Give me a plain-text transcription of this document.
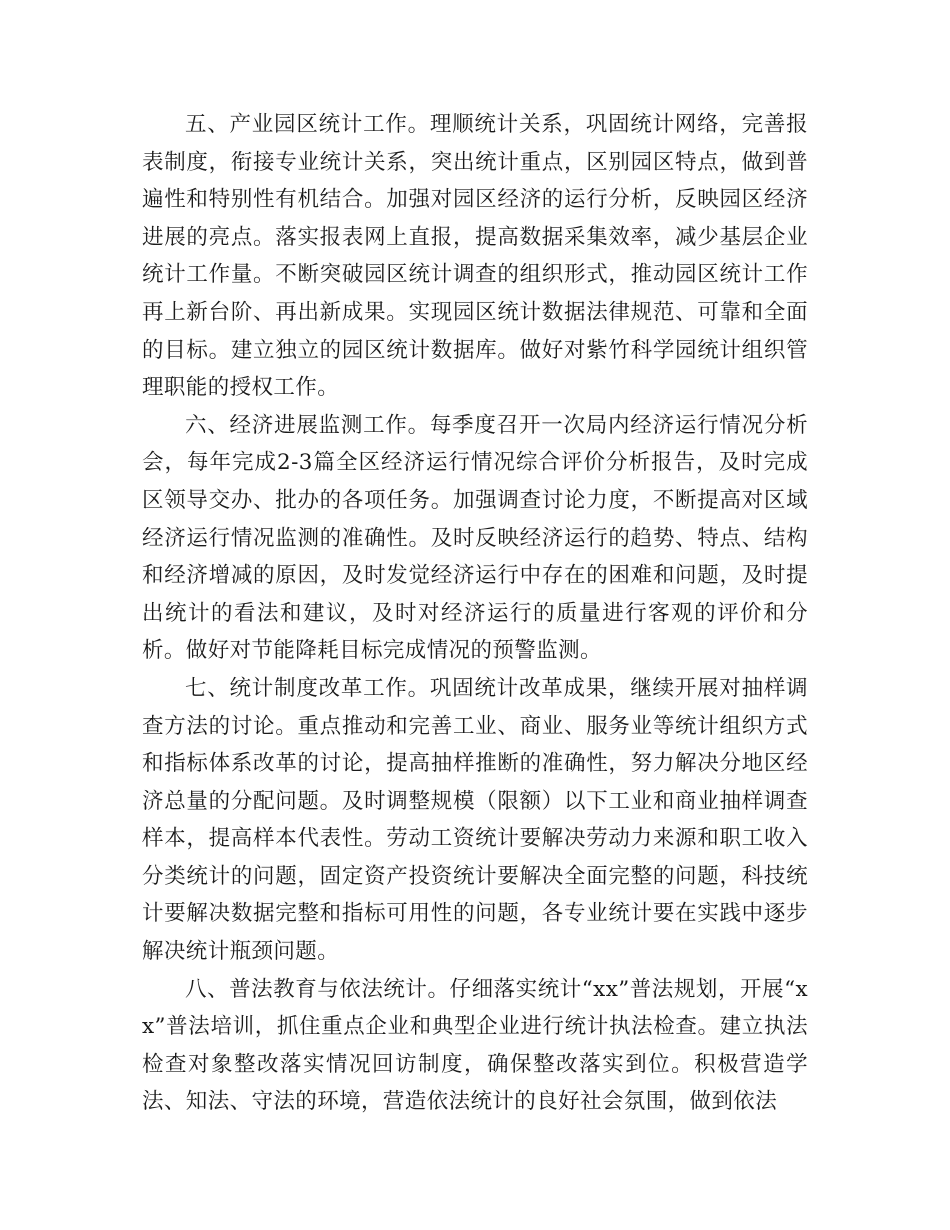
五、产业园区统计工作。理顺统计关系，巩固统计网络，完善报表制度，衔接专业统计关系，突出统计重点，区别园区特点，做到普遍性和特别性有机结合。加强对园区经济的运行分析，反映园区经济进展的亮点。落实报表网上直报，提高数据采集效率，减少基层企业统计工作量。不断突破园区统计调查的组织形式，推动园区统计工作再上新台阶、再出新成果。实现园区统计数据法律规范、可靠和全面的目标。建立独立的园区统计数据库。做好对紫竹科学园统计组织管理职能的授权工作。

六、经济进展监测工作。每季度召开一次局内经济运行情况分析会，每年完成2-3篇全区经济运行情况综合评价分析报告，及时完成区领导交办、批办的各项任务。加强调查讨论力度，不断提高对区域经济运行情况监测的准确性。及时反映经济运行的趋势、特点、结构和经济增减的原因，及时发觉经济运行中存在的困难和问题，及时提出统计的看法和建议，及时对经济运行的质量进行客观的评价和分析。做好对节能降耗目标完成情况的预警监测。

七、统计制度改革工作。巩固统计改革成果，继续开展对抽样调查方法的讨论。重点推动和完善工业、商业、服务业等统计组织方式和指标体系改革的讨论，提高抽样推断的准确性，努力解决分地区经济总量的分配问题。及时调整规模（限额）以下工业和商业抽样调查样本，提高样本代表性。劳动工资统计要解决劳动力来源和职工收入分类统计的问题，固定资产投资统计要解决全面完整的问题，科技统计要解决数据完整和指标可用性的问题，各专业统计要在实践中逐步解决统计瓶颈问题。

八、普法教育与依法统计。仔细落实统计“xx”普法规划，开展“xx”普法培训，抓住重点企业和典型企业进行统计执法检查。建立执法检查对象整改落实情况回访制度，确保整改落实到位。积极营造学法、知法、守法的环境，营造依法统计的良好社会氛围，做到依法
